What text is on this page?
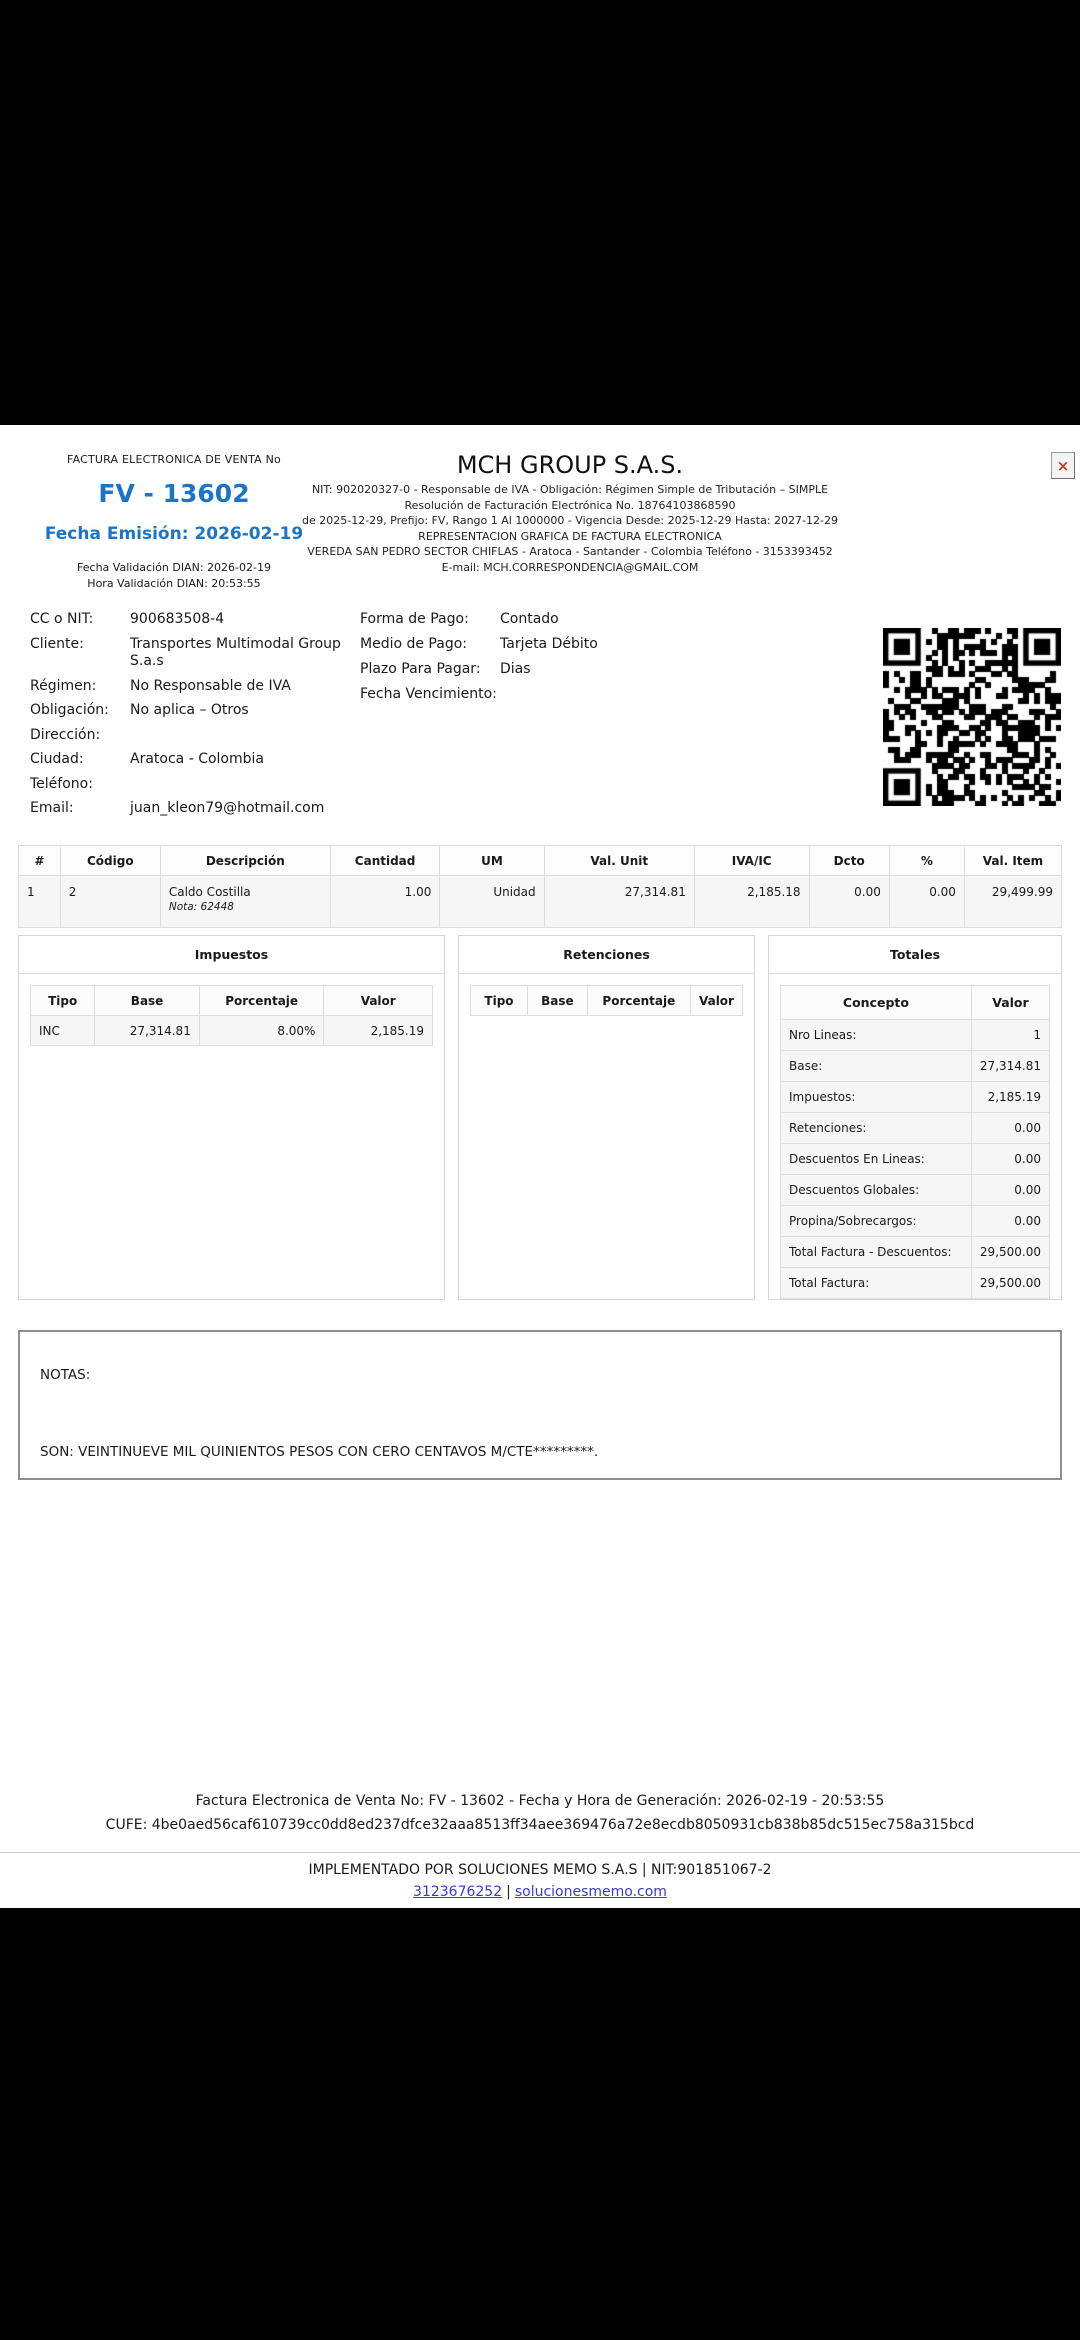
FACTURA ELECTRONICA DE VENTA No
FV - 13602
Fecha Emisión: 2026-02-19
Fecha Validación DIAN: 2026-02-19
Hora Validación DIAN: 20:53:55
MCH GROUP S.A.S.
NIT: 902020327-0 - Responsable de IVA - Obligación: Régimen Simple de Tributación – SIMPLE
Resolución de Facturación Electrónica No. 18764103868590
de 2025-12-29, Prefijo: FV, Rango 1 Al 1000000 - Vigencia Desde: 2025-12-29 Hasta: 2027-12-29
REPRESENTACION GRAFICA DE FACTURA ELECTRONICA
VEREDA SAN PEDRO SECTOR CHIFLAS - Aratoca - Santander - Colombia Teléfono - 3153393452
E-mail: MCH.CORRESPONDENCIA@GMAIL.COM
×
CC o NIT:	900683508-4
Cliente:	Transportes Multimodal Group S.a.s
Régimen:	No Responsable de IVA
Obligación:	No aplica – Otros
Dirección:
Ciudad:	Aratoca - Colombia
Teléfono:
Email:	juan_kleon79@hotmail.com
Forma de Pago:	Contado
Medio de Pago:	Tarjeta Débito
Plazo Para Pagar:	Dias
Fecha Vencimiento:
#	Código	Descripción	Cantidad	UM	Val. Unit	IVA/IC	Dcto	%	Val. Item
1	2	Caldo Costilla
Nota: 62448	1.00	Unidad	27,314.81	2,185.18	0.00	0.00	29,499.99
Impuestos
Tipo	Base	Porcentaje	Valor
INC	27,314.81	8.00%	2,185.19
Retenciones
Tipo	Base	Porcentaje	Valor
Totales
Concepto	Valor
Nro Lineas:	1
Base:	27,314.81
Impuestos:	2,185.19
Retenciones:	0.00
Descuentos En Lineas:	0.00
Descuentos Globales:	0.00
Propina/Sobrecargos:	0.00
Total Factura - Descuentos:	29,500.00
Total Factura:	29,500.00
NOTAS:
SON: VEINTINUEVE MIL QUINIENTOS PESOS CON CERO CENTAVOS M/CTE*********.
Factura Electronica de Venta No: FV - 13602 - Fecha y Hora de Generación: 2026-02-19 - 20:53:55
CUFE: 4be0aed56caf610739cc0dd8ed237dfce32aaa8513ff34aee369476a72e8ecdb8050931cb838b85dc515ec758a315bcd
IMPLEMENTADO POR SOLUCIONES MEMO S.A.S | NIT:901851067-2
3123676252 | solucionesmemo.com
